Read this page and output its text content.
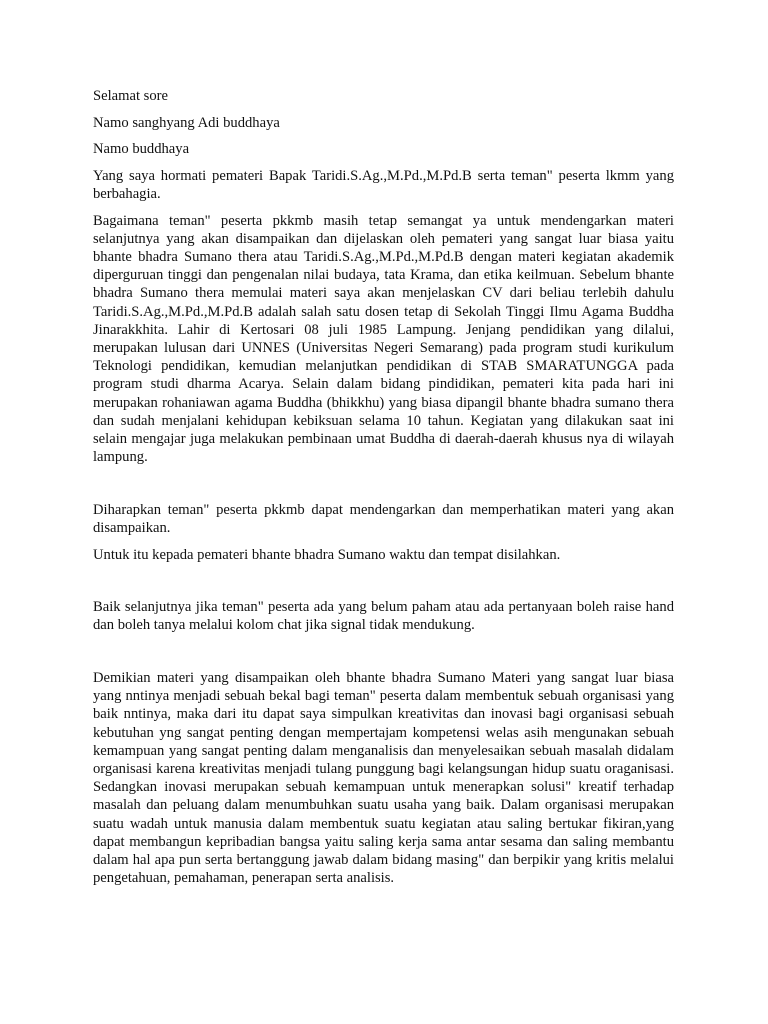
Selamat sore

Namo sanghyang Adi buddhaya

Namo buddhaya

Yang saya hormati pemateri Bapak Taridi.S.Ag.,M.Pd.,M.Pd.B serta teman" peserta lkmm yang berbahagia.

Bagaimana teman" peserta pkkmb masih tetap semangat ya untuk mendengarkan materi selanjutnya yang akan disampaikan dan dijelaskan oleh pemateri yang sangat luar biasa yaitu bhante bhadra Sumano thera atau Taridi.S.Ag.,M.Pd.,M.Pd.B dengan materi kegiatan akademik diperguruan tinggi dan pengenalan nilai budaya, tata Krama, dan etika keilmuan. Sebelum bhante bhadra Sumano thera memulai materi saya akan menjelaskan CV dari beliau terlebih dahulu Taridi.S.Ag.,M.Pd.,M.Pd.B adalah salah satu dosen tetap di Sekolah Tinggi Ilmu Agama Buddha Jinarakkhita. Lahir di Kertosari 08 juli 1985 Lampung. Jenjang pendidikan yang dilalui, merupakan lulusan dari UNNES (Universitas Negeri Semarang) pada program studi kurikulum Teknologi pendidikan, kemudian melanjutkan pendidikan di STAB SMARATUNGGA pada program studi dharma Acarya. Selain dalam bidang pindidikan, pemateri kita pada hari ini merupakan rohaniawan agama Buddha (bhikkhu) yang biasa dipangil bhante bhadra sumano thera dan sudah menjalani kehidupan kebiksuan selama 10 tahun. Kegiatan yang dilakukan saat ini selain mengajar juga melakukan pembinaan umat Buddha di daerah-daerah khusus nya di wilayah lampung.

Diharapkan teman" peserta pkkmb dapat mendengarkan dan memperhatikan materi yang akan disampaikan.

Untuk itu kepada pemateri bhante bhadra Sumano waktu dan tempat disilahkan.

Baik selanjutnya jika teman" peserta ada yang belum paham atau ada pertanyaan boleh raise hand dan boleh tanya melalui kolom chat jika signal tidak mendukung.

Demikian materi yang disampaikan oleh bhante bhadra Sumano Materi yang sangat luar biasa yang nntinya menjadi sebuah bekal bagi teman" peserta dalam membentuk sebuah organisasi yang baik nntinya, maka dari itu dapat saya simpulkan kreativitas dan inovasi bagi organisasi sebuah kebutuhan yng sangat penting dengan mempertajam kompetensi welas asih mengunakan sebuah kemampuan yang sangat penting dalam menganalisis dan menyelesaikan sebuah masalah didalam organisasi karena kreativitas menjadi tulang punggung bagi kelangsungan hidup suatu oraganisasi. Sedangkan inovasi merupakan sebuah kemampuan untuk menerapkan solusi" kreatif terhadap masalah dan peluang dalam menumbuhkan suatu usaha yang baik. Dalam organisasi merupakan suatu wadah untuk manusia dalam membentuk suatu kegiatan atau saling bertukar fikiran,yang dapat membangun kepribadian bangsa yaitu saling kerja sama antar sesama dan saling membantu dalam hal apa pun serta bertanggung jawab dalam bidang masing" dan berpikir yang kritis melalui pengetahuan, pemahaman, penerapan serta analisis.
